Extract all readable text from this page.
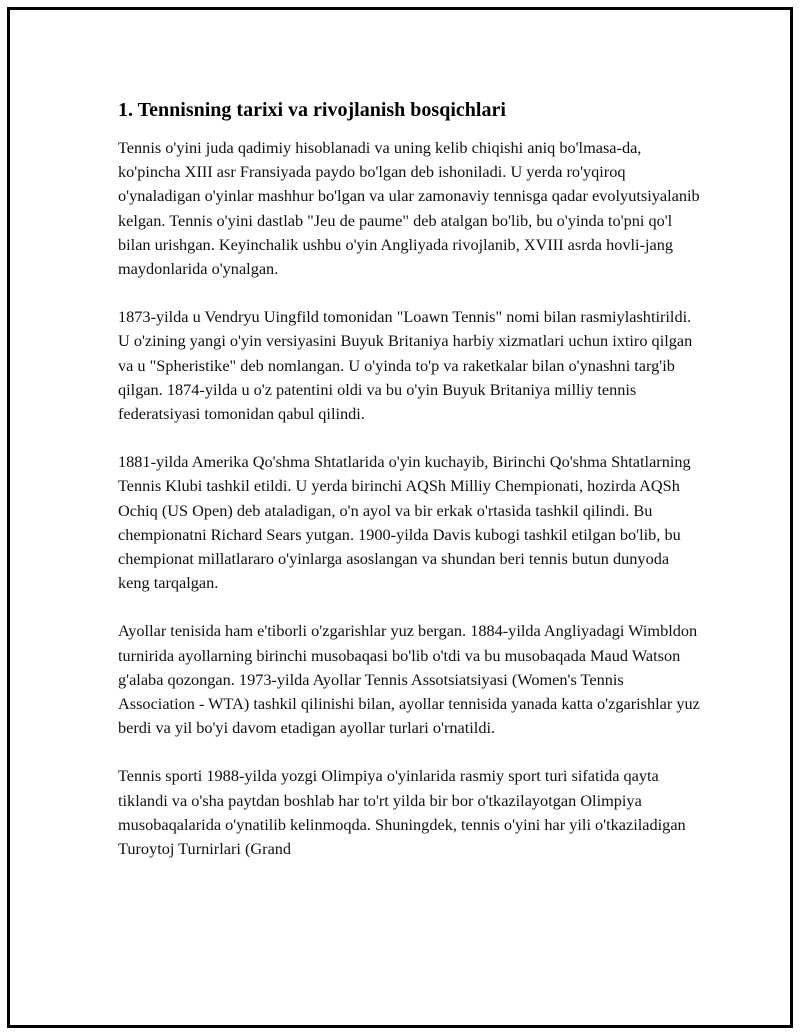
1. Tennisning tarixi va rivojlanish bosqichlari

Tennis o'yini juda qadimiy hisoblanadi va uning kelib chiqishi aniq bo'lmasa-da, ko'pincha XIII asr Fransiyada paydo bo'lgan deb ishoniladi. U yerda ro'yqiroq o'ynaladigan o'yinlar mashhur bo'lgan va ular zamonaviy tennisga qadar evolyutsiyalanib kelgan. Tennis o'yini dastlab "Jeu de paume" deb atalgan bo'lib, bu o'yinda to'pni qo'l bilan urishgan. Keyinchalik ushbu o'yin Angliyada rivojlanib, XVIII asrda hovli-jang maydonlarida o'ynalgan.

1873-yilda u Vendryu Uingfild tomonidan "Loawn Tennis" nomi bilan rasmiylashtirildi. U o'zining yangi o'yin versiyasini Buyuk Britaniya harbiy xizmatlari uchun ixtiro qilgan va u "Spheristike" deb nomlangan. U o'yinda to'p va raketkalar bilan o'ynashni targ'ib qilgan. 1874-yilda u o'z patentini oldi va bu o'yin Buyuk Britaniya milliy tennis federatsiyasi tomonidan qabul qilindi.

1881-yilda Amerika Qo'shma Shtatlarida o'yin kuchayib, Birinchi Qo'shma Shtatlarning Tennis Klubi tashkil etildi. U yerda birinchi AQSh Milliy Chempionati, hozirda AQSh Ochiq (US Open) deb ataladigan, o'n ayol va bir erkak o'rtasida tashkil qilindi. Bu chempionatni Richard Sears yutgan. 1900-yilda Davis kubogi tashkil etilgan bo'lib, bu chempionat millatlararo o'yinlarga asoslangan va shundan beri tennis butun dunyoda keng tarqalgan.

Ayollar tenisida ham e'tiborli o'zgarishlar yuz bergan. 1884-yilda Angliyadagi Wimbldon turnirida ayollarning birinchi musobaqasi bo'lib o'tdi va bu musobaqada Maud Watson g'alaba qozongan. 1973-yilda Ayollar Tennis Assotsiatsiyasi (Women's Tennis Association - WTA) tashkil qilinishi bilan, ayollar tennisida yanada katta o'zgarishlar yuz berdi va yil bo'yi davom etadigan ayollar turlari o'rnatildi.

Tennis sporti 1988-yilda yozgi Olimpiya o'yinlarida rasmiy sport turi sifatida qayta tiklandi va o'sha paytdan boshlab har to'rt yilda bir bor o'tkazilayotgan Olimpiya musobaqalarida o'ynatilib kelinmoqda. Shuningdek, tennis o'yini har yili o'tkaziladigan Turoytoj Turnirlari (Grand
